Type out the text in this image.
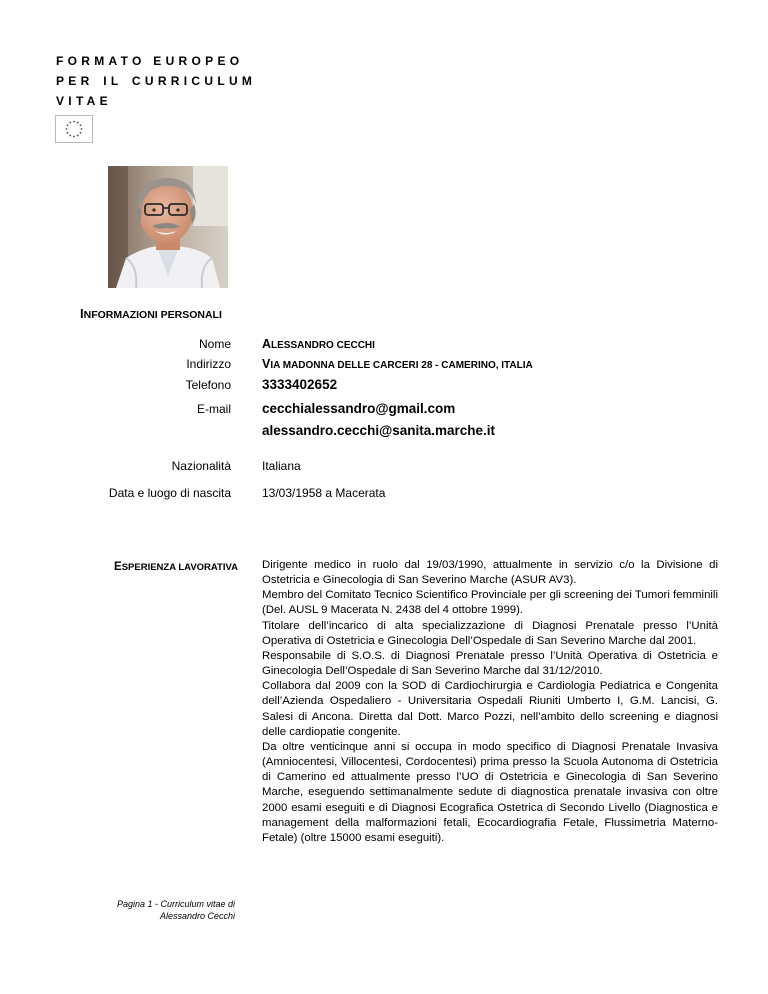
FORMATO EUROPEO
PER IL CURRICULUM
VITAE
INFORMAZIONI PERSONALI
Nome	ALESSANDRO CECCHI
Indirizzo	VIA MADONNA DELLE CARCERI 28 - CAMERINO, ITALIA
Telefono 3333402652
E-mail cecchialessandro@gmail.com
alessandro.cecchi@sanita.marche.it
Nazionalità	Italiana
Data e luogo di nascita	13/03/1958 a Macerata
ESPERIENZA LAVORATIVA Dirigente medico in ruolo dal 19/03/1990, attualmente in servizio c/o la Divisione di Ostetricia e Ginecologia di San Severino Marche (ASUR AV3).

Membro del Comitato Tecnico Scientifico Provinciale per gli screening dei Tumori femminili (Del. AUSL 9 Macerata N. 2438 del 4 ottobre 1999).

Titolare dell’incarico di alta specializzazione di Diagnosi Prenatale presso l’Unità Operativa di Ostetricia e Ginecologia Dell’Ospedale di San Severino Marche dal 2001.

Responsabile di S.O.S. di Diagnosi Prenatale presso l’Unità Operativa di Ostetricia e Ginecologia Dell’Ospedale di San Severino Marche dal 31/12/2010.

Collabora dal 2009 con la SOD di Cardiochirurgia e Cardiologia Pediatrica e Congenita dell’Azienda Ospedaliero - Universitaria Ospedali Riuniti Umberto I, G.M. Lancisi, G. Salesi di Ancona. Diretta dal Dott. Marco Pozzi, nell’ambito dello screening e diagnosi delle cardiopatie congenite.

Da oltre venticinque anni si occupa in modo specifico di Diagnosi Prenatale Invasiva (Amniocentesi, Villocentesi, Cordocentesi) prima presso la Scuola Autonoma di Ostetricia di Camerino ed attualmente presso l’UO di Ostetricia e Ginecologia di San Severino Marche, eseguendo settimanalmente sedute di diagnostica prenatale invasiva con oltre 2000 esami eseguiti e di Diagnosi Ecografica Ostetrica di Secondo Livello (Diagnostica e management della malformazioni fetali, Ecocardiografia Fetale, Flussimetria Materno-Fetale) (oltre 15000 esami eseguiti).

Pagina 1 - Curriculum vitae di
Alessandro Cecchi
